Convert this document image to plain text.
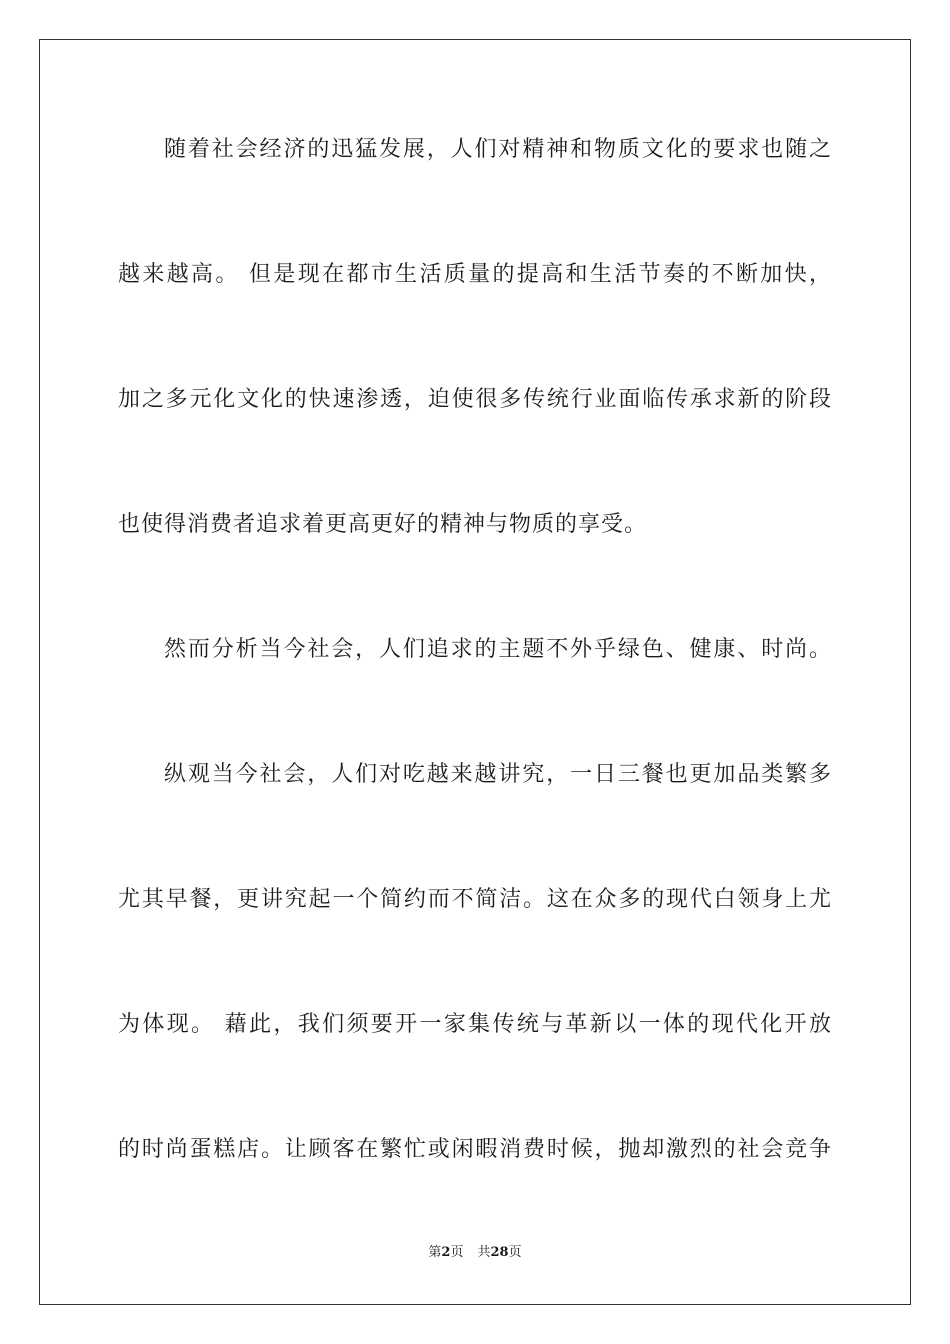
随着社会经济的迅猛发展，人们对精神和物质文化的要求也随之
越来越高。 但是现在都市生活质量的提高和生活节奏的不断加快，
加之多元化文化的快速渗透，迫使很多传统行业面临传承求新的阶段
也使得消费者追求着更高更好的精神与物质的享受。
然而分析当今社会，人们追求的主题不外乎绿色、健康、时尚。
纵观当今社会，人们对吃越来越讲究，一日三餐也更加品类繁多
尤其早餐，更讲究起一个简约而不简洁。这在众多的现代白领身上尤
为体现。 藉此，我们须要开一家集传统与革新以一体的现代化开放
的时尚蛋糕店。让顾客在繁忙或闲暇消费时候，抛却激烈的社会竞争
第2页 共28页
